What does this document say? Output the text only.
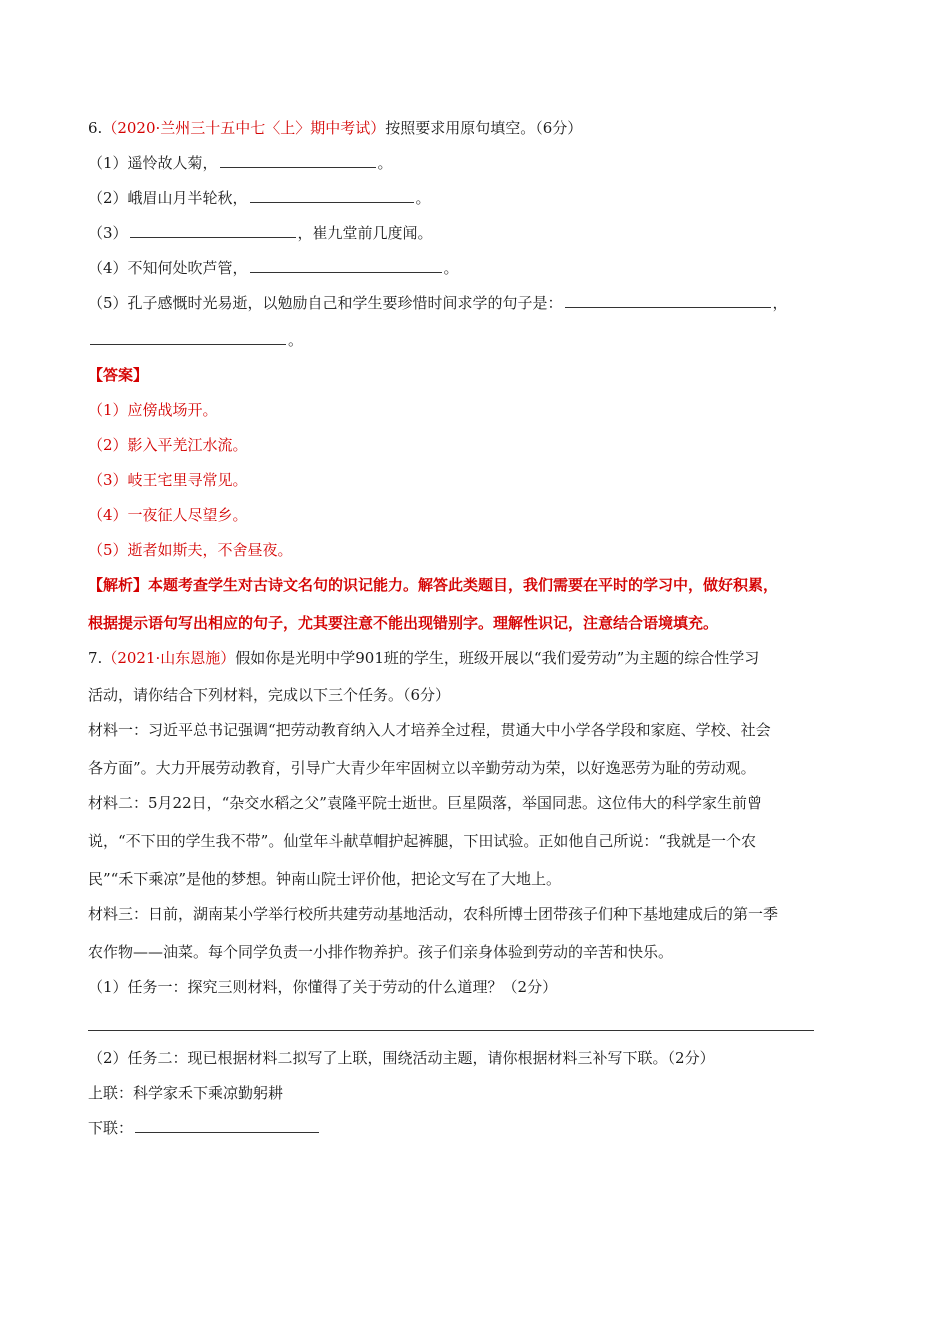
6.（2020·兰州三十五中七〈上〉期中考试）按照要求用原句填空。（6分）
（1）遥怜故人菊，	。
（2）峨眉山月半轮秋，	。
（3）	，崔九堂前几度闻。
（4）不知何处吹芦管，	。
（5）孔子感慨时光易逝，以勉励自己和学生要珍惜时间求学的句子是：	，
。
【答案】
（1）应傍战场开。
（2）影入平羌江水流。
（3）岐王宅里寻常见。
（4）一夜征人尽望乡。
（5）逝者如斯夫，不舍昼夜。
【解析】本题考查学生对古诗文名句的识记能力。解答此类题目，我们需要在平时的学习中，做好积累，
根据提示语句写出相应的句子，尤其要注意不能出现错别字。理解性识记，注意结合语境填充。
7.（2021·山东恩施）假如你是光明中学901班的学生，班级开展以“我们爱劳动”为主题的综合性学习
活动，请你结合下列材料，完成以下三个任务。（6分）
材料一：习近平总书记强调“把劳动教育纳入人才培养全过程，贯通大中小学各学段和家庭、学校、社会
各方面”。大力开展劳动教育，引导广大青少年牢固树立以辛勤劳动为荣，以好逸恶劳为耻的劳动观。
材料二：5月22日，“杂交水稻之父”袁隆平院士逝世。巨星陨落，举国同悲。这位伟大的科学家生前曾
说，“不下田的学生我不带”。仙堂年斗献草帽护起裤腿，下田试验。正如他自己所说：“我就是一个农
民”“禾下乘凉”是他的梦想。钟南山院士评价他，把论文写在了大地上。
材料三：日前，湖南某小学举行校所共建劳动基地活动，农科所博士团带孩子们种下基地建成后的第一季
农作物——油菜。每个同学负责一小排作物养护。孩子们亲身体验到劳动的辛苦和快乐。
（1）任务一：探究三则材料，你懂得了关于劳动的什么道理？（2分）
（2）任务二：现已根据材料二拟写了上联，围绕活动主题，请你根据材料三补写下联。（2分）
上联：科学家禾下乘凉勤躬耕
下联：
